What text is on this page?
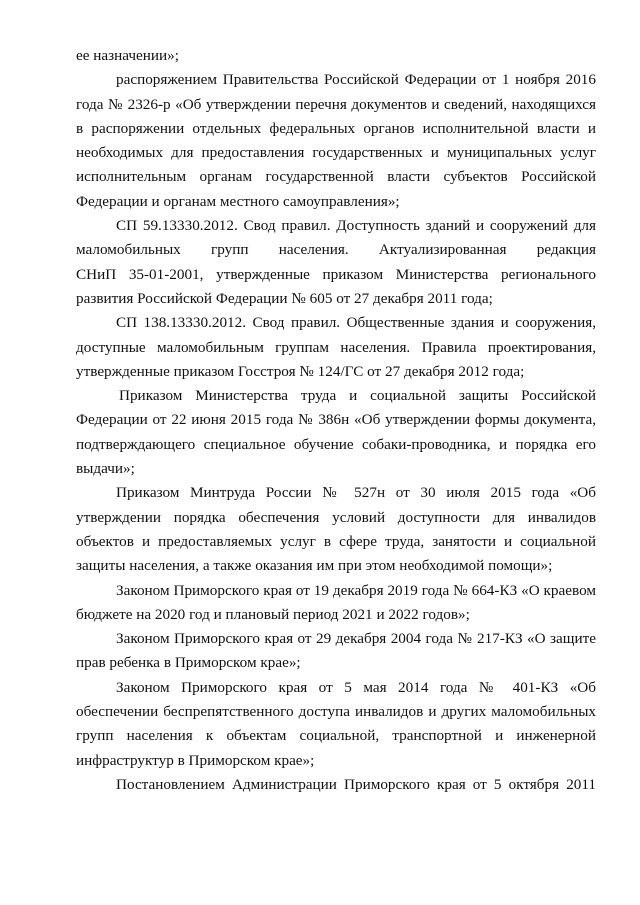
ее назначении»;
распоряжением Правительства Российской Федерации от 1 ноября 2016
года № 2326-р «Об утверждении перечня документов и сведений, находящихся
в распоряжении отдельных федеральных органов исполнительной власти и
необходимых для предоставления государственных и муниципальных услуг
исполнительным органам государственной власти субъектов Российской
Федерации и органам местного самоуправления»;
СП 59.13330.2012. Свод правил. Доступность зданий и сооружений для
маломобильных групп населения. Актуализированная редакция
СНиП 35-01-2001, утвержденные приказом Министерства регионального
развития Российской Федерации № 605 от 27 декабря 2011 года;
СП 138.13330.2012. Свод правил. Общественные здания и сооружения,
доступные маломобильным группам населения. Правила проектирования,
утвержденные приказом Госстроя № 124/ГС от 27 декабря 2012 года;
Приказом Министерства труда и социальной защиты Российской
Федерации от 22 июня 2015 года № 386н «Об утверждении формы документа,
подтверждающего специальное обучение собаки-проводника, и порядка его
выдачи»;
Приказом Минтруда России № 527н от 30 июля 2015 года «Об
утверждении порядка обеспечения условий доступности для инвалидов
объектов и предоставляемых услуг в сфере труда, занятости и социальной
защиты населения, а также оказания им при этом необходимой помощи»;
Законом Приморского края от 19 декабря 2019 года № 664-КЗ «О краевом
бюджете на 2020 год и плановый период 2021 и 2022 годов»;
Законом Приморского края от 29 декабря 2004 года № 217-КЗ «О защите
прав ребенка в Приморском крае»;
Законом Приморского края от 5 мая 2014 года № 401-КЗ «Об
обеспечении беспрепятственного доступа инвалидов и других маломобильных
групп населения к объектам социальной, транспортной и инженерной
инфраструктур в Приморском крае»;
Постановлением Администрации Приморского края от 5 октября 2011
